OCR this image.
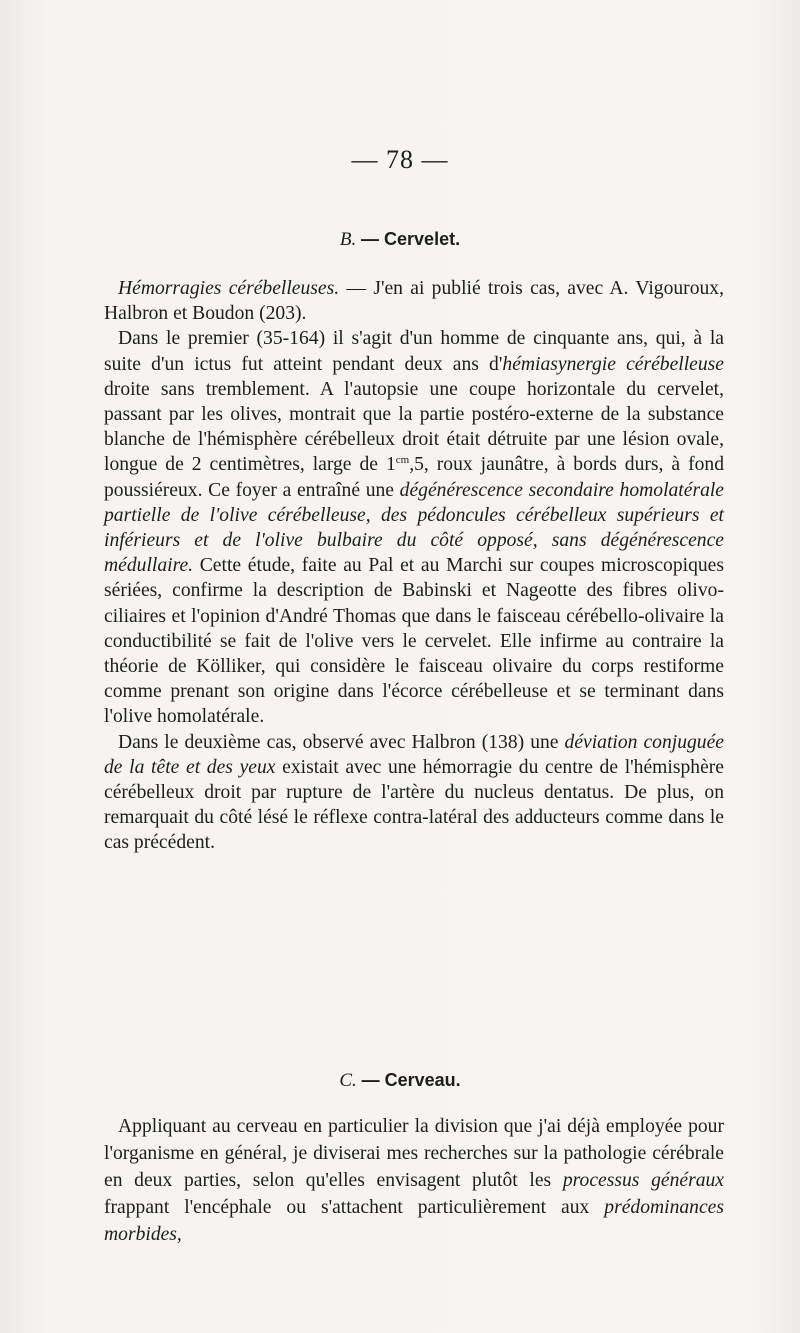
— 78 —
B. — Cervelet.

Hémorragies cérébelleuses. — J'en ai publié trois cas, avec A. Vigouroux, Halbron et Boudon (203).

Dans le premier (35-164) il s'agit d'un homme de cinquante ans, qui, à la suite d'un ictus fut atteint pendant deux ans d'hémiasynergie cérébelleuse droite sans tremblement. A l'autopsie une coupe horizontale du cervelet, passant par les olives, montrait que la partie postéro-externe de la substance blanche de l'hémisphère cérébelleux droit était détruite par une lésion ovale, longue de 2 centimètres, large de $1^{cm},5$, roux jaunâtre, à bords durs, à fond poussiéreux. Ce foyer a entraîné une dégénérescence secondaire homolatérale partielle de l'olive cérébelleuse, des pédoncules cérébelleux supérieurs et inférieurs et de l'olive bulbaire du côté opposé, sans dégénérescence médullaire. Cette étude, faite au Pal et au Marchi sur coupes microscopiques sériées, confirme la description de Babinski et Nageotte des fibres olivo-ciliaires et l'opinion d'André Thomas que dans le faisceau cérébello-olivaire la conductibilité se fait de l'olive vers le cervelet. Elle infirme au contraire la théorie de Kölliker, qui considère le faisceau olivaire du corps restiforme comme prenant son origine dans l'écorce cérébelleuse et se terminant dans l'olive homolatérale.

Dans le deuxième cas, observé avec Halbron (138) une déviation conjuguée de la tête et des yeux existait avec une hémorragie du centre de l'hémisphère cérébelleux droit par rupture de l'artère du nucleus dentatus. De plus, on remarquait du côté lésé le réflexe contra-latéral des adducteurs comme dans le cas précédent.

C. — Cerveau.

Appliquant au cerveau en particulier la division que j'ai déjà employée pour l'organisme en général, je diviserai mes recherches sur la pathologie cérébrale en deux parties, selon qu'elles envisagent plutôt les processus généraux frappant l'encéphale ou s'attachent particulièrement aux prédominances morbides,
